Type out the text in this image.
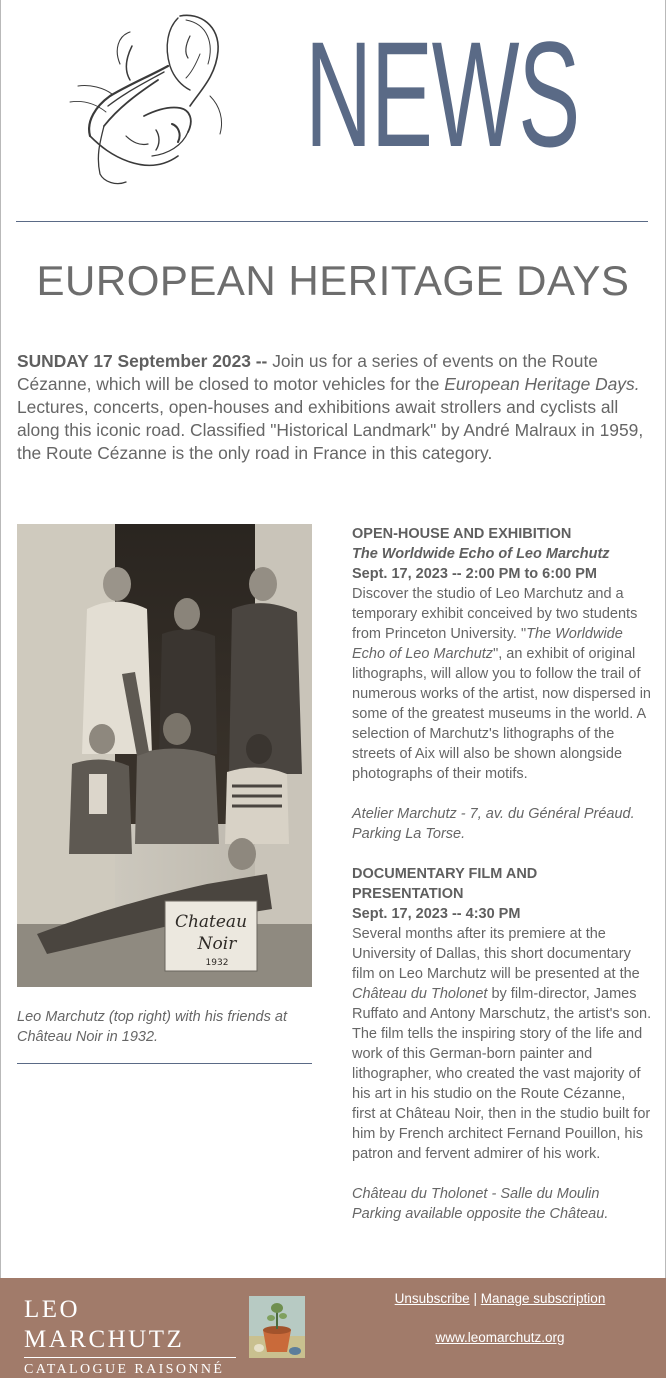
NEWS
EUROPEAN HERITAGE DAYS

SUNDAY 17 September 2023 -- Join us for a series of events on the Route Cézanne, which will be closed to motor vehicles for the European Heritage Days. Lectures, concerts, open-houses and exhibitions await strollers and cyclists all along this iconic road. Classified "Historical Landmark" by André Malraux in 1959, the Route Cézanne is the only road in France in this category.

Chateau
Noir
1932

Leo Marchutz (top right) with his friends at Château Noir in 1932.

OPEN-HOUSE AND EXHIBITION
The Worldwide Echo of Leo Marchutz
Sept. 17, 2023 -- 2:00 PM to 6:00 PM
Discover the studio of Leo Marchutz and a temporary exhibit conceived by two students from Princeton University. "The Worldwide Echo of Leo Marchutz", an exhibit of original lithographs, will allow you to follow the trail of numerous works of the artist, now dispersed in some of the greatest museums in the world. A selection of Marchutz's lithographs of the streets of Aix will also be shown alongside photographs of their motifs.
Atelier Marchutz - 7, av. du Général Préaud.
Parking La Torse.
DOCUMENTARY FILM AND PRESENTATION
Sept. 17, 2023 -- 4:30 PM
Several months after its premiere at the University of Dallas, this short documentary film on Leo Marchutz will be presented at the Château du Tholonet by film-director, James Ruffato and Antony Marschutz, the artist's son. The film tells the inspiring story of the life and work of this German-born painter and lithographer, who created the vast majority of his art in his studio on the Route Cézanne, first at Château Noir, then in the studio built for him by French architect Fernand Pouillon, his patron and fervent admirer of his work.
Château du Tholonet - Salle du Moulin
Parking available opposite the Château.
LEO MARCHUTZ
CATALOGUE RAISONNÉ
Unsubscribe | Manage subscription
www.leomarchutz.org
